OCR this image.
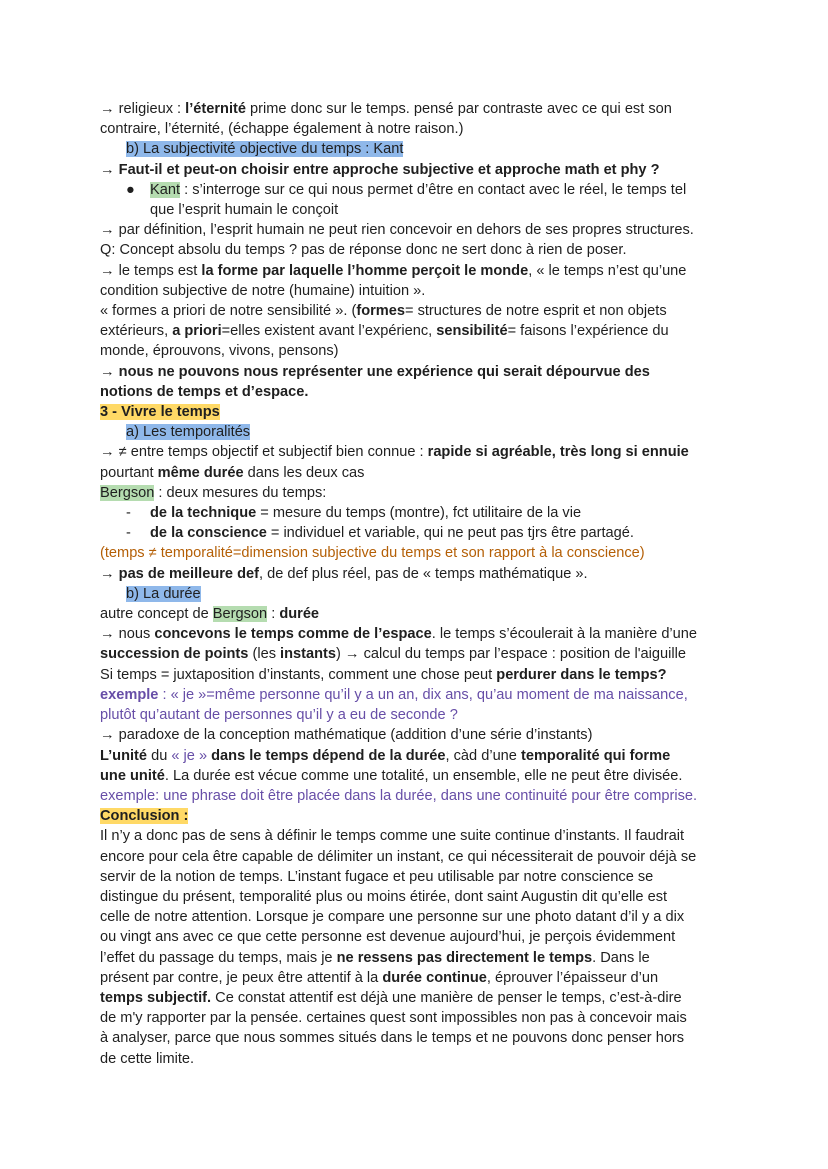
→ religieux : l’éternité prime donc sur le temps. pensé par contraste avec ce qui est son
contraire, l’éternité, (échappe également à notre raison.)
b) La subjectivité objective du temps : Kant
→ Faut-il et peut-on choisir entre approche subjective et approche math et phy ?
●	Kant : s’interroge sur ce qui nous permet d’être en contact avec le réel, le temps tel
que l’esprit humain le conçoit
→ par définition, l’esprit humain ne peut rien concevoir en dehors de ses propres structures.
Q: Concept absolu du temps ? pas de réponse donc ne sert donc à rien de poser.
→ le temps est la forme par laquelle l’homme perçoit le monde, « le temps n’est qu’une
condition subjective de notre (humaine) intuition ».
« formes a priori de notre sensibilité ». (formes= structures de notre esprit et non objets
extérieurs, a priori=elles existent avant l’expérienc, sensibilité= faisons l’expérience du
monde, éprouvons, vivons, pensons)
→ nous ne pouvons nous représenter une expérience qui serait dépourvue des
notions de temps et d’espace.
3 - Vivre le temps
a) Les temporalités
→ ≠ entre temps objectif et subjectif bien connue : rapide si agréable, très long si ennuie
pourtant même durée dans les deux cas
Bergson : deux mesures du temps:
-	de la technique = mesure du temps (montre), fct utilitaire de la vie
-	de la conscience = individuel et variable, qui ne peut pas tjrs être partagé.
(temps ≠ temporalité=dimension subjective du temps et son rapport à la conscience)
→ pas de meilleure def, de def plus réel, pas de « temps mathématique ».
b) La durée
autre concept de Bergson : durée
→ nous concevons le temps comme de l’espace. le temps s’écoulerait à la manière d’une
succession de points (les instants) → calcul du temps par l’espace : position de l'aiguille
Si temps = juxtaposition d’instants, comment une chose peut perdurer dans le temps?
exemple : « je »=même personne qu’il y a un an, dix ans, qu’au moment de ma naissance,
plutôt qu’autant de personnes qu’il y a eu de seconde ?
→ paradoxe de la conception mathématique (addition d’une série d’instants)
L’unité du « je » dans le temps dépend de la durée, càd d’une temporalité qui forme
une unité. La durée est vécue comme une totalité, un ensemble, elle ne peut être divisée.
exemple: une phrase doit être placée dans la durée, dans une continuité pour être comprise.
Conclusion :
Il n’y a donc pas de sens à définir le temps comme une suite continue d’instants. Il faudrait
encore pour cela être capable de délimiter un instant, ce qui nécessiterait de pouvoir déjà se
servir de la notion de temps. L’instant fugace et peu utilisable par notre conscience se
distingue du présent, temporalité plus ou moins étirée, dont saint Augustin dit qu’elle est
celle de notre attention. Lorsque je compare une personne sur une photo datant d’il y a dix
ou vingt ans avec ce que cette personne est devenue aujourd’hui, je perçois évidemment
l’effet du passage du temps, mais je ne ressens pas directement le temps. Dans le
présent par contre, je peux être attentif à la durée continue, éprouver l’épaisseur d’un
temps subjectif. Ce constat attentif est déjà une manière de penser le temps, c’est-à-dire
de m'y rapporter par la pensée. certaines quest sont impossibles non pas à concevoir mais
à analyser, parce que nous sommes situés dans le temps et ne pouvons donc penser hors
de cette limite.
